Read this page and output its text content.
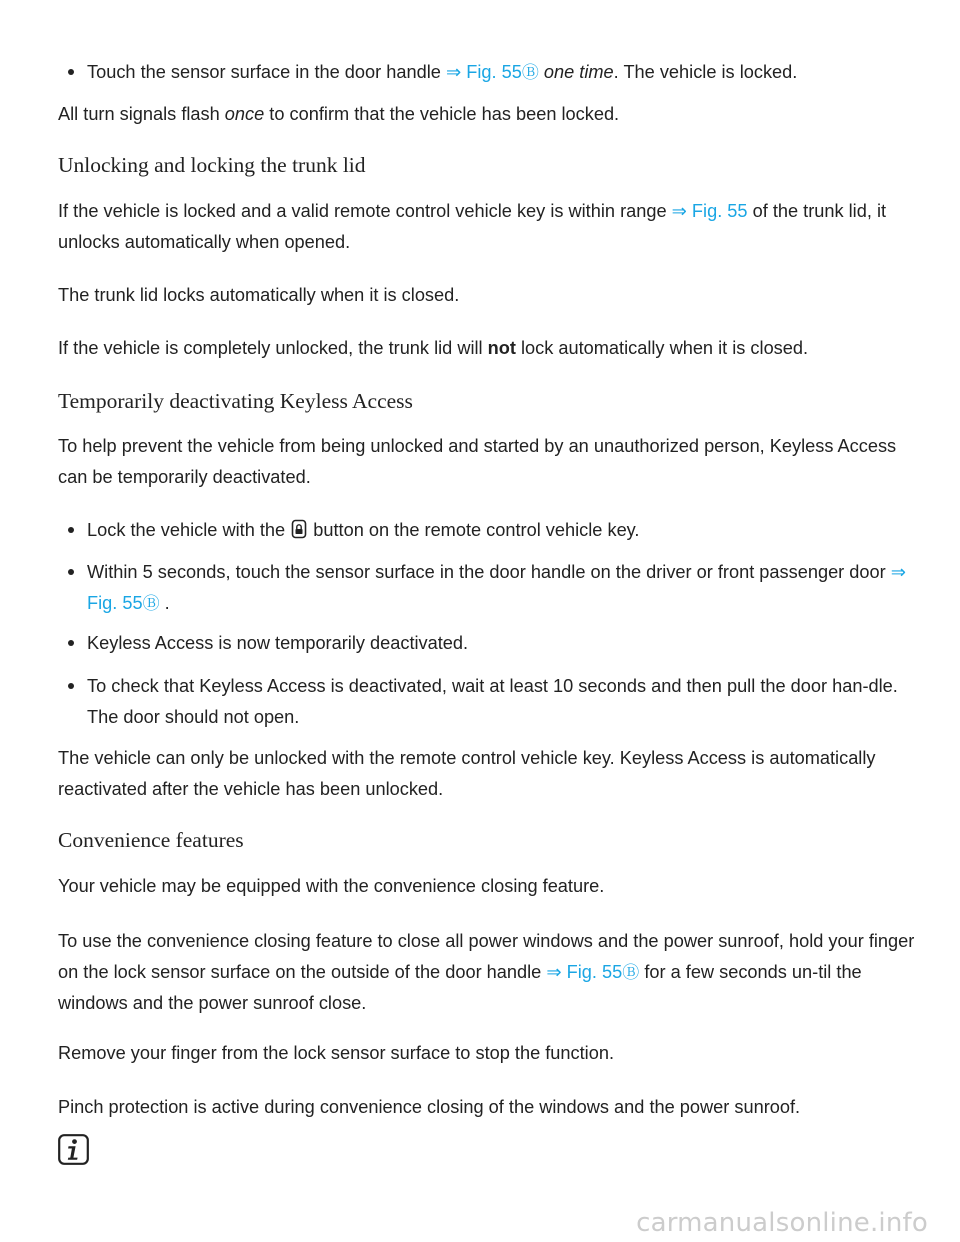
Touch the sensor surface in the door handle ⇒ Fig. 55Ⓑ one time. The vehicle is locked.

All turn signals flash once to confirm that the vehicle has been locked.

Unlocking and locking the trunk lid

If the vehicle is locked and a valid remote control vehicle key is within range ⇒ Fig. 55 of the trunk lid, it unlocks automatically when opened.

The trunk lid locks automatically when it is closed.

If the vehicle is completely unlocked, the trunk lid will not lock automatically when it is closed.

Temporarily deactivating Keyless Access

To help prevent the vehicle from being unlocked and started by an unauthorized person, Keyless Access can be temporarily deactivated.

Lock the vehicle with the  button on the remote control vehicle key.

Within 5 seconds, touch the sensor surface in the door handle on the driver or front passenger door ⇒ Fig. 55Ⓑ .

Keyless Access is now temporarily deactivated.

To check that Keyless Access is deactivated, wait at least 10 seconds and then pull the door han-dle. The door should not open.

The vehicle can only be unlocked with the remote control vehicle key. Keyless Access is automatically reactivated after the vehicle has been unlocked.

Convenience features

Your vehicle may be equipped with the convenience closing feature.

To use the convenience closing feature to close all power windows and the power sunroof, hold your finger on the lock sensor surface on the outside of the door handle ⇒ Fig. 55Ⓑ for a few seconds un-til the windows and the power sunroof close.

Remove your finger from the lock sensor surface to stop the function.

Pinch protection is active during convenience closing of the windows and the power sunroof.

carmanualsonline.info
